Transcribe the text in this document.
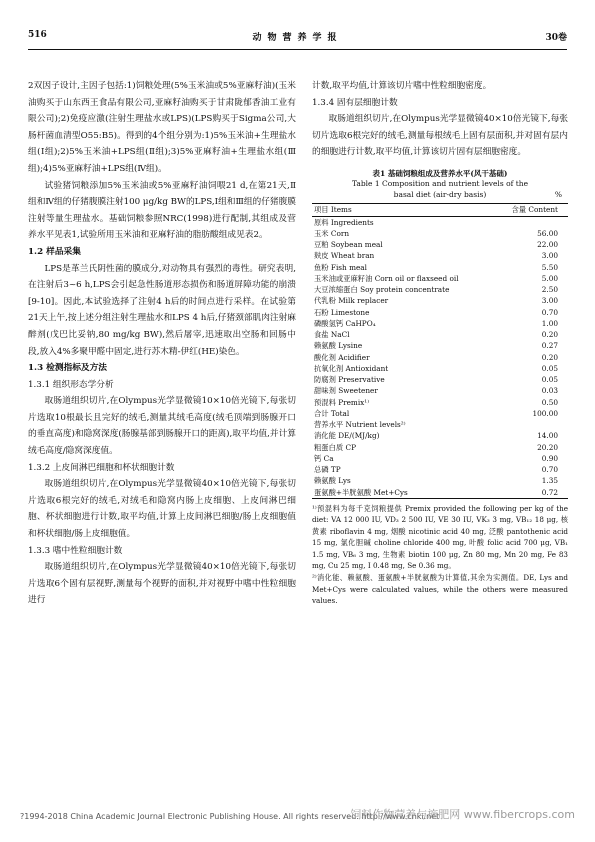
516	动物营养学报	30卷

2双因子设计,主因子包括:1)饲粮处理(5%玉米油或5%亚麻籽油)(玉米油购买于山东西王食品有限公司,亚麻籽油购买于甘肃陇郁香油工业有限公司);2)免疫应激(注射生理盐水或LPS)(LPS购买于Sigma公司,大肠杆菌血清型O55:B5)。得到的4个组分别为:1)5%玉米油+生理盐水组(Ⅰ组);2)5%玉米油+LPS组(Ⅱ组);3)5%亚麻籽油+生理盐水组(Ⅲ组);4)5%亚麻籽油+LPS组(Ⅳ组)。

试验猪饲粮添加5%玉米油或5%亚麻籽油饲喂21 d,在第21天,Ⅱ组和Ⅳ组的仔猪腹膜注射100 μg/kg BW的LPS,Ⅰ组和Ⅲ组的仔猪腹膜注射等量生理盐水。基础饲粮参照NRC(1998)进行配制,其组成及营养水平见表1,试验所用玉米油和亚麻籽油的脂肪酸组成见表2。

1.2 样品采集

LPS是革兰氏阴性菌的膜成分,对动物具有强烈的毒性。研究表明,在注射后3~6 h,LPS会引起急性肠道形态损伤和肠道屏障功能的崩溃[9-10]。因此,本试验选择了注射4 h后的时间点进行采样。在试验第21天上午,按上述分组注射生理盐水和LPS 4 h后,仔猪颈部肌肉注射麻醉剂(戊巴比妥钠,80 mg/kg BW),然后屠宰,迅速取出空肠和回肠中段,放入4%多聚甲醛中固定,进行苏木精-伊红(HE)染色。

1.3 检测指标及方法

1.3.1 组织形态学分析

取肠道组织切片,在Olympus光学显微镜10×10倍光镜下,每张切片选取10根最长且完好的绒毛,测量其绒毛高度(绒毛顶端到肠腺开口的垂直高度)和隐窝深度(肠腺基部到肠腺开口的距离),取平均值,并计算绒毛高度/隐窝深度值。

1.3.2 上皮间淋巴细胞和杯状细胞计数

取肠道组织切片,在Olympus光学显微镜40×10倍光镜下,每张切片选取6根完好的绒毛,对绒毛和隐窝内肠上皮细胞、上皮间淋巴细胞、杯状细胞进行计数,取平均值,计算上皮间淋巴细胞/肠上皮细胞值和杯状细胞/肠上皮细胞值。

1.3.3 嗜中性粒细胞计数

取肠道组织切片,在Olympus光学显微镜40×10倍光镜下,每张切片选取6个固有层视野,测量每个视野的面积,并对视野中嗜中性粒细胞进行

计数,取平均值,计算该切片嗜中性粒细胞密度。

1.3.4 固有层细胞计数

取肠道组织切片,在Olympus光学显微镜40×10倍光镜下,每张切片选取6根完好的绒毛,测量每根绒毛上固有层面积,并对固有层内的细胞进行计数,取平均值,计算该切片固有层细胞密度。

表1 基础饲粮组成及营养水平(风干基础)
Table 1 Composition and nutrient levels of the
basal diet (air-dry basis)	%
项目 Items	含量 Content
原料 Ingredients	
玉米 Corn	56.00
豆粕 Soybean meal	22.00
麸皮 Wheat bran	3.00
鱼粉 Fish meal	5.50
玉米油或亚麻籽油 Corn oil or flaxseed oil	5.00
大豆浓缩蛋白 Soy protein concentrate	2.50
代乳粉 Milk replacer	3.00
石粉 Limestone	0.70
磷酸氢钙 CaHPO₄	1.00
食盐 NaCl	0.20
赖氨酸 Lysine	0.27
酸化剂 Acidifier	0.20
抗氧化剂 Antioxidant	0.05
防腐剂 Preservative	0.05
甜味剂 Sweetener	0.03
预混料 Premix¹⁾	0.50
合计 Total	100.00
营养水平 Nutrient levels²⁾	
消化能 DE/(MJ/kg)	14.00
粗蛋白质 CP	20.20
钙 Ca	0.90
总磷 TP	0.70
赖氨酸 Lys	1.35
蛋氨酸+半胱氨酸 Met+Cys	0.72

¹⁾预混料为每千克饲粮提供 Premix provided the following per kg of the diet: VA 12 000 IU, VD₃ 2 500 IU, VE 30 IU, VK₃ 3 mg, VB₁₂ 18 μg, 核黄素 riboflavin 4 mg, 烟酸 nicotinic acid 40 mg, 泛酸 pantothenic acid 15 mg, 氯化胆碱 choline chloride 400 mg, 叶酸 folic acid 700 μg, VB₁ 1.5 mg, VB₆ 3 mg, 生物素 biotin 100 μg, Zn 80 mg, Mn 20 mg, Fe 83 mg, Cu 25 mg, I 0.48 mg, Se 0.36 mg。

²⁾消化能、赖氨酸、蛋氨酸+半胱氨酸为计算值,其余为实测值。DE, Lys and Met+Cys were calculated values, while the others were measured values.

?1994-2018 China Academic Journal Electronic Publishing House. All rights reserved. http://www.cnki.net
饲料作物营养与施肥网 www.fibercrops.com
